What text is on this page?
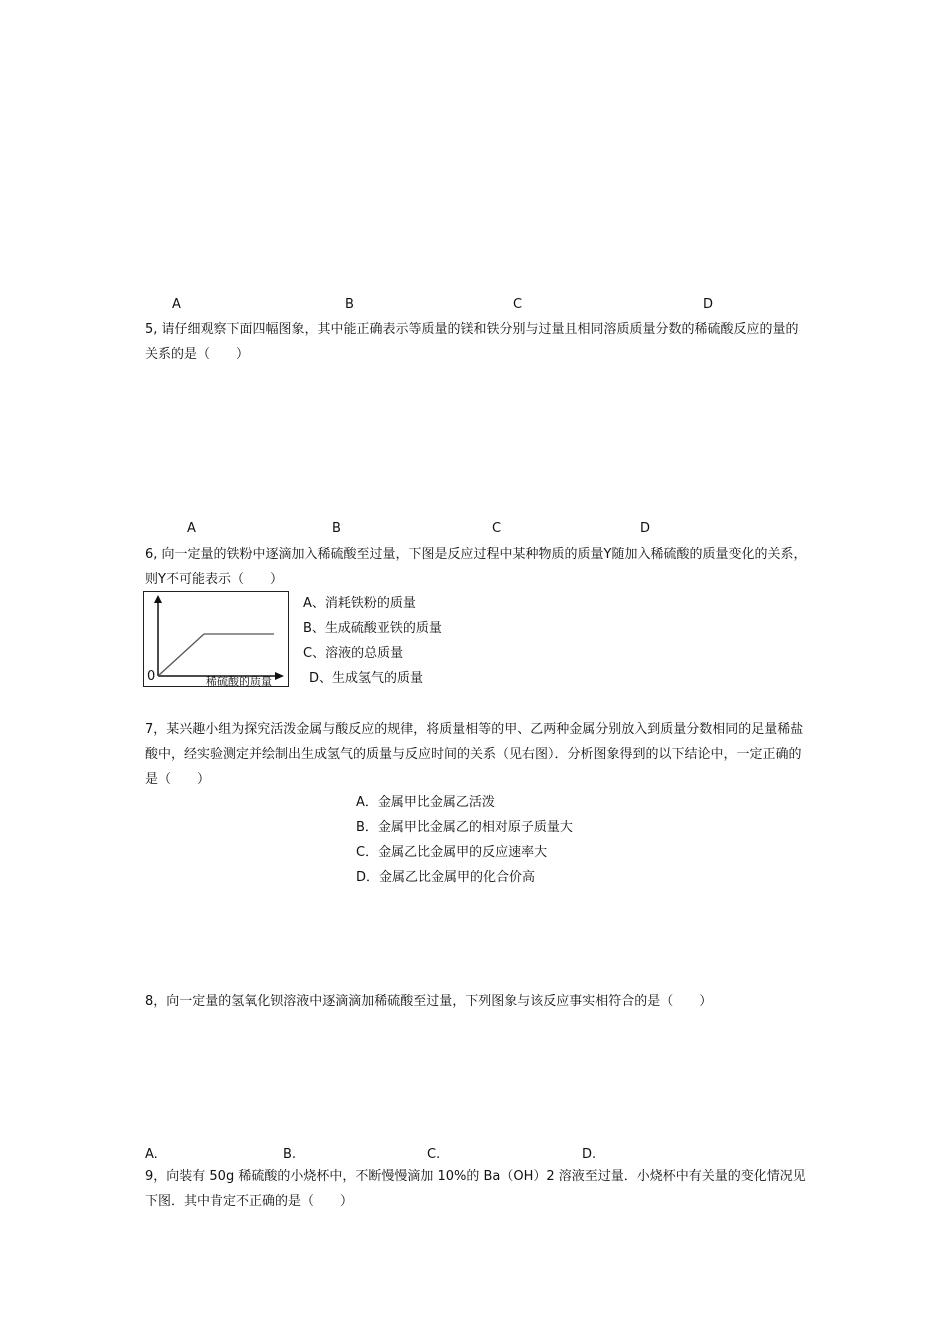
A	B	C	D
5, 请仔细观察下面四幅图象，其中能正确表示等质量的镁和铁分别与过量且相同溶质质量分数的稀硫酸反应的量的关系的是（　　）
A	B	C	D
6, 向一定量的铁粉中逐滴加入稀硫酸至过量，下图是反应过程中某种物质的质量Y随加入稀硫酸的质量变化的关系，则Y不可能表示（　　）
0	稀硫酸的质量
A、消耗铁粉的质量
B、生成硫酸亚铁的质量
C、溶液的总质量
D、生成氢气的质量
7，某兴趣小组为探究活泼金属与酸反应的规律，将质量相等的甲、乙两种金属分别放入到质量分数相同的足量稀盐酸中，经实验测定并绘制出生成氢气的质量与反应时间的关系（见右图）．分析图象得到的以下结论中，一定正确的是（　　）
A．金属甲比金属乙活泼
B．金属甲比金属乙的相对原子质量大
C．金属乙比金属甲的反应速率大
D．金属乙比金属甲的化合价高
8，向一定量的氢氧化钡溶液中逐滴滴加稀硫酸至过量，下列图象与该反应事实相符合的是（　　）
A.	B.	C.	D.
9，向装有 50g 稀硫酸的小烧杯中，不断慢慢滴加 10%的 Ba（OH）2 溶液至过量．小烧杯中有关量的变化情况见下图．其中肯定不正确的是（　　）
